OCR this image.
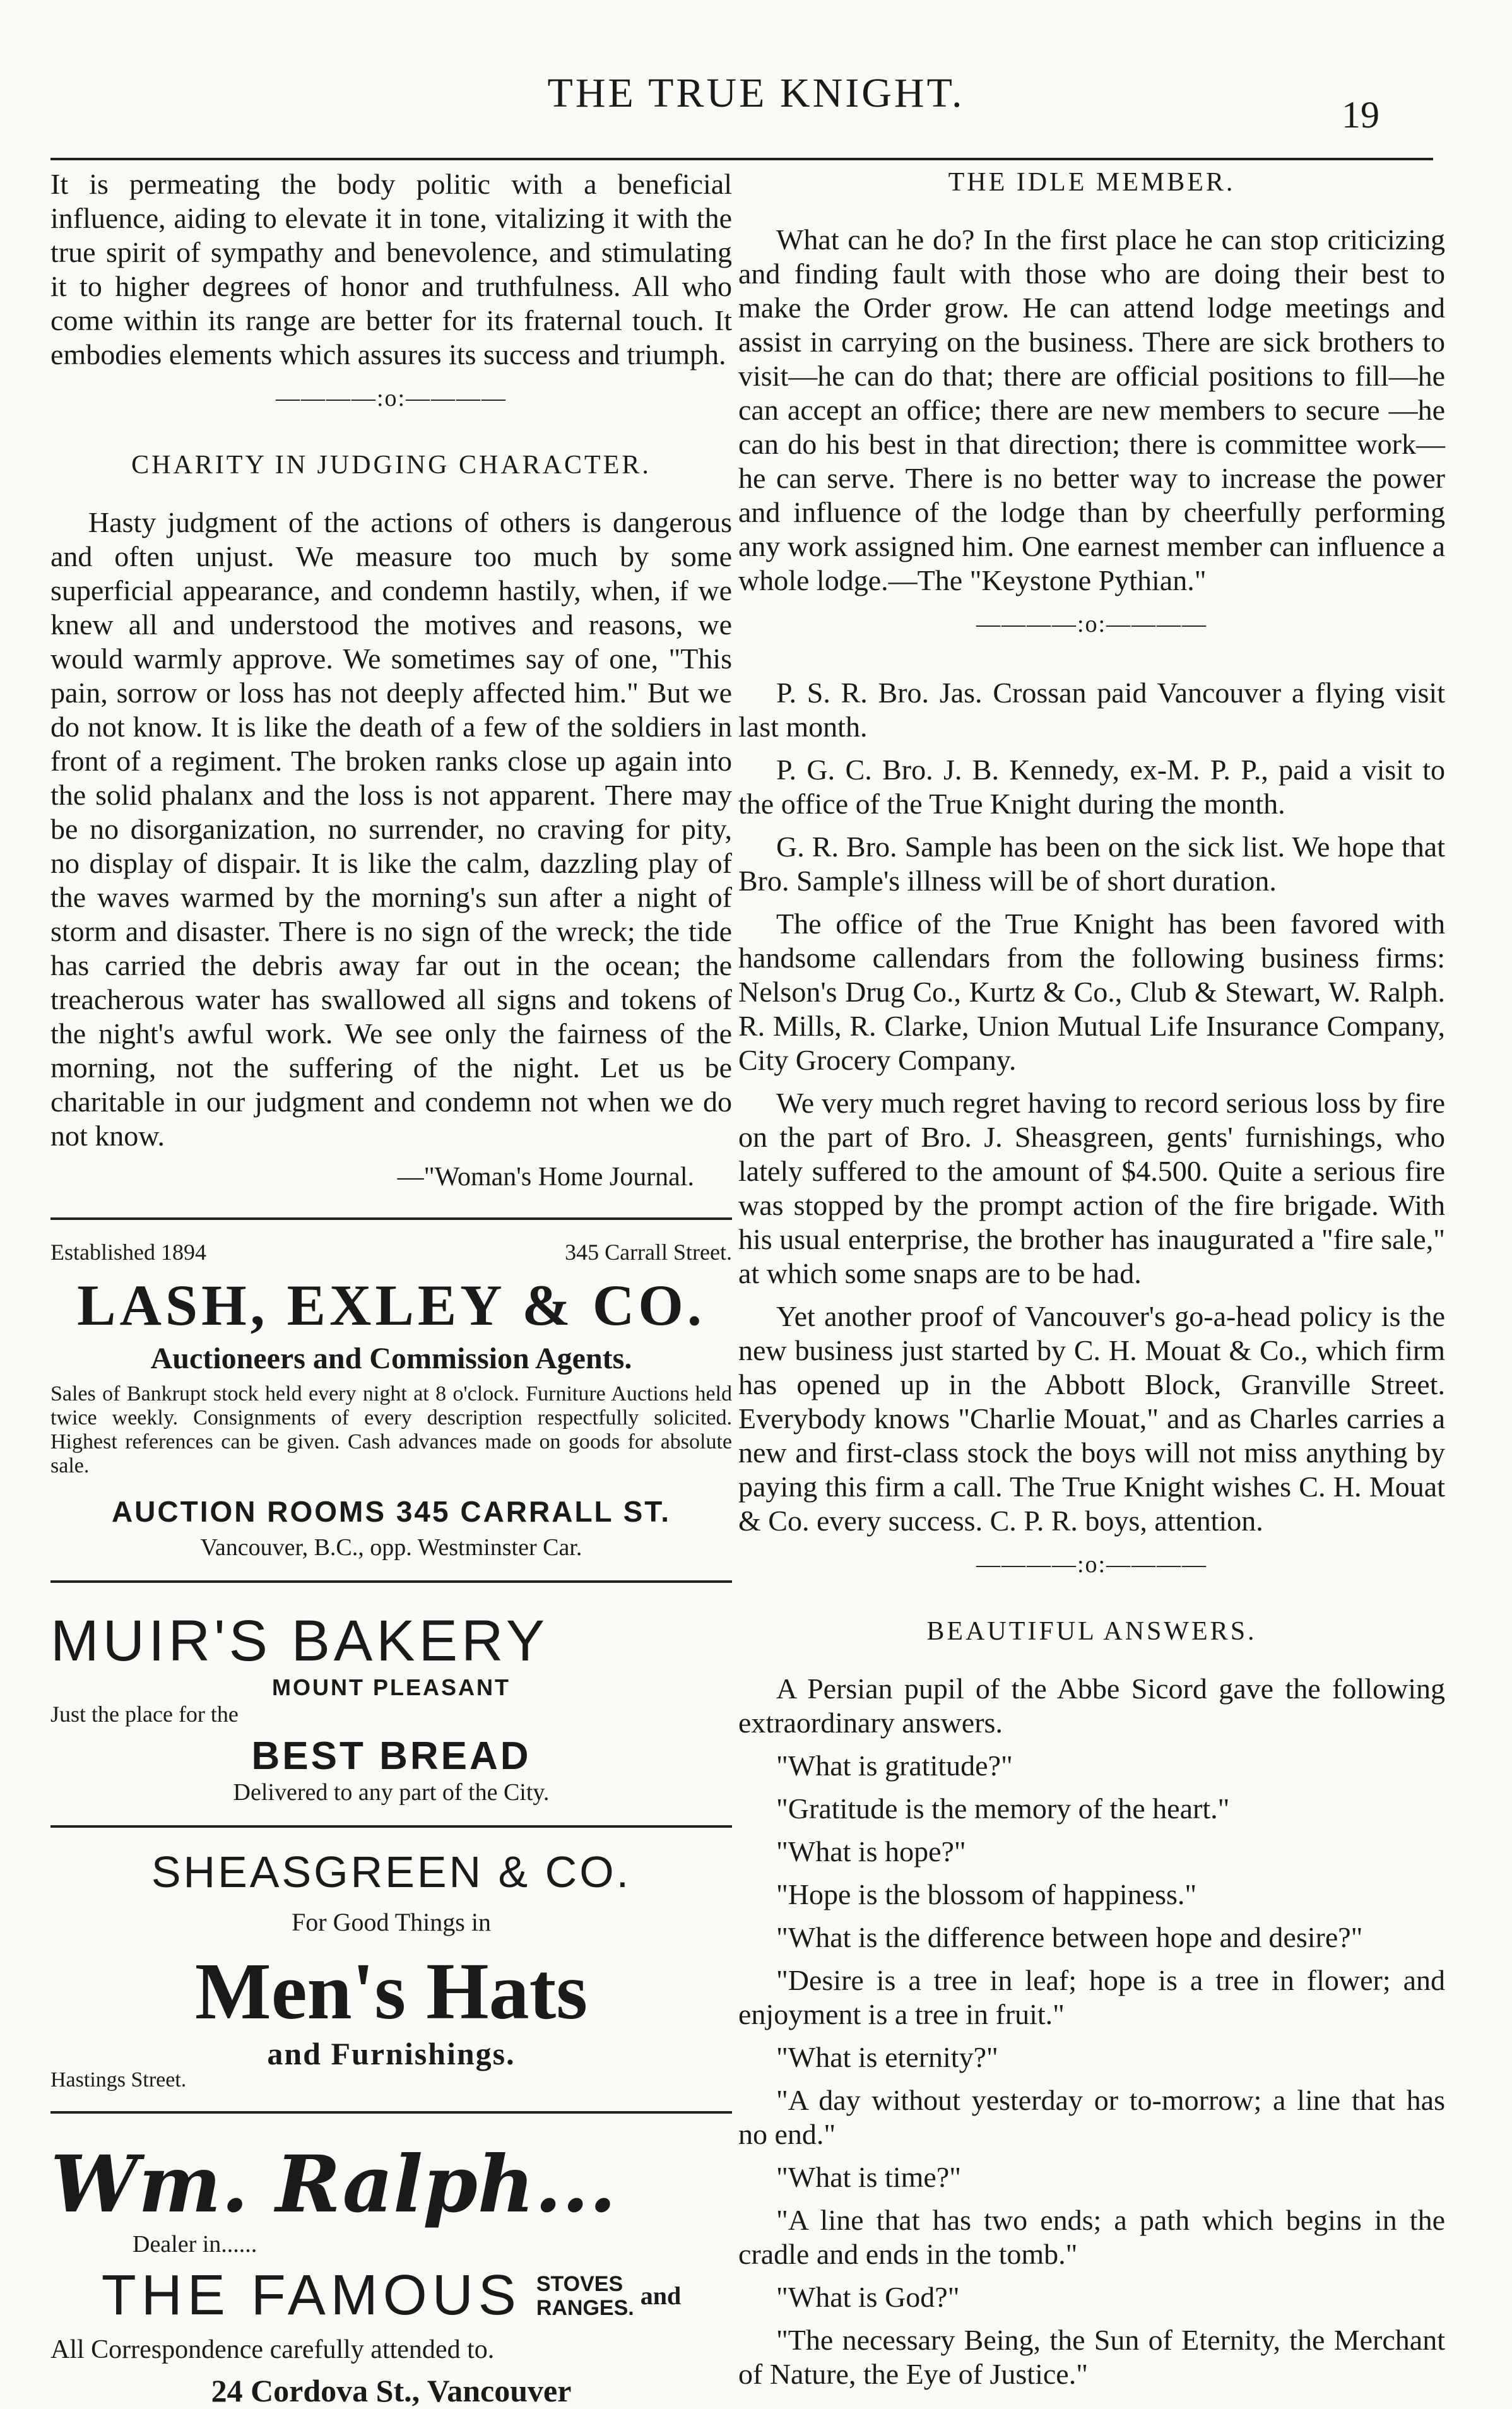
THE TRUE KNIGHT.	19

It is permeating the body politic with a beneficial influence, aiding to elevate it in tone, vitalizing it with the true spirit of sympathy and benevolence, and stimulating it to higher degrees of honor and truthfulness. All who come within its range are better for its fraternal touch. It embodies elements which assures its success and triumph.

————:o:————
CHARITY IN JUDGING CHARACTER.

Hasty judgment of the actions of others is dangerous and often unjust. We measure too much by some superficial appearance, and condemn hastily, when, if we knew all and understood the motives and reasons, we would warmly approve. We sometimes say of one, "This pain, sorrow or loss has not deeply affected him." But we do not know. It is like the death of a few of the soldiers in front of a regiment. The broken ranks close up again into the solid phalanx and the loss is not apparent. There may be no disorganization, no surrender, no craving for pity, no display of dispair. It is like the calm, dazzling play of the waves warmed by the morning's sun after a night of storm and disaster. There is no sign of the wreck; the tide has carried the debris away far out in the ocean; the treacherous water has swallowed all signs and tokens of the night's awful work. We see only the fairness of the morning, not the suffering of the night. Let us be charitable in our judgment and condemn not when we do not know.

—"Woman's Home Journal.
Established 1894	345 Carrall Street.
LASH, EXLEY & CO.
Auctioneers and Commission Agents.
Sales of Bankrupt stock held every night at 8 o'clock. Furniture Auctions held twice weekly. Consignments of every description respectfully solicited. Highest references can be given. Cash advances made on goods for absolute sale.
AUCTION ROOMS 345 CARRALL ST.
Vancouver, B.C., opp. Westminster Car.
MUIR'S BAKERY
MOUNT PLEASANT
Just the place for the
BEST BREAD
Delivered to any part of the City.
SHEASGREEN & CO.
For Good Things in
Men's Hats
and Furnishings.
Hastings Street.
Wm. Ralph...
Dealer in......
THE FAMOUS STOVES
RANGES. and
All Correspondence carefully attended to.
24 Cordova St., Vancouver
THE IDLE MEMBER.

What can he do? In the first place he can stop criticizing and finding fault with those who are doing their best to make the Order grow. He can attend lodge meetings and assist in carrying on the business. There are sick brothers to visit—he can do that; there are official positions to fill—he can accept an office; there are new members to secure —he can do his best in that direction; there is committee work—he can serve. There is no better way to increase the power and influence of the lodge than by cheerfully performing any work assigned him. One earnest member can influence a whole lodge.—The "Keystone Pythian."

————:o:————

P. S. R. Bro. Jas. Crossan paid Vancouver a flying visit last month.

P. G. C. Bro. J. B. Kennedy, ex-M. P. P., paid a visit to the office of the True Knight during the month.

G. R. Bro. Sample has been on the sick list. We hope that Bro. Sample's illness will be of short duration.

The office of the True Knight has been favored with handsome callendars from the following business firms: Nelson's Drug Co., Kurtz & Co., Club & Stewart, W. Ralph. R. Mills, R. Clarke, Union Mutual Life Insurance Company, City Grocery Company.

We very much regret having to record serious loss by fire on the part of Bro. J. Sheasgreen, gents' furnishings, who lately suffered to the amount of $4.500. Quite a serious fire was stopped by the prompt action of the fire brigade. With his usual enterprise, the brother has inaugurated a "fire sale," at which some snaps are to be had.

Yet another proof of Vancouver's go-a-head policy is the new business just started by C. H. Mouat & Co., which firm has opened up in the Abbott Block, Granville Street. Everybody knows "Charlie Mouat," and as Charles carries a new and first-class stock the boys will not miss anything by paying this firm a call. The True Knight wishes C. H. Mouat & Co. every success. C. P. R. boys, attention.

————:o:————
BEAUTIFUL ANSWERS.

A Persian pupil of the Abbe Sicord gave the following extraordinary answers.

"What is gratitude?"

"Gratitude is the memory of the heart."

"What is hope?"

"Hope is the blossom of happiness."

"What is the difference between hope and desire?"

"Desire is a tree in leaf; hope is a tree in flower; and enjoyment is a tree in fruit."

"What is eternity?"

"A day without yesterday or to-morrow; a line that has no end."

"What is time?"

"A line that has two ends; a path which begins in the cradle and ends in the tomb."

"What is God?"

"The necessary Being, the Sun of Eternity, the Merchant of Nature, the Eye of Justice."
